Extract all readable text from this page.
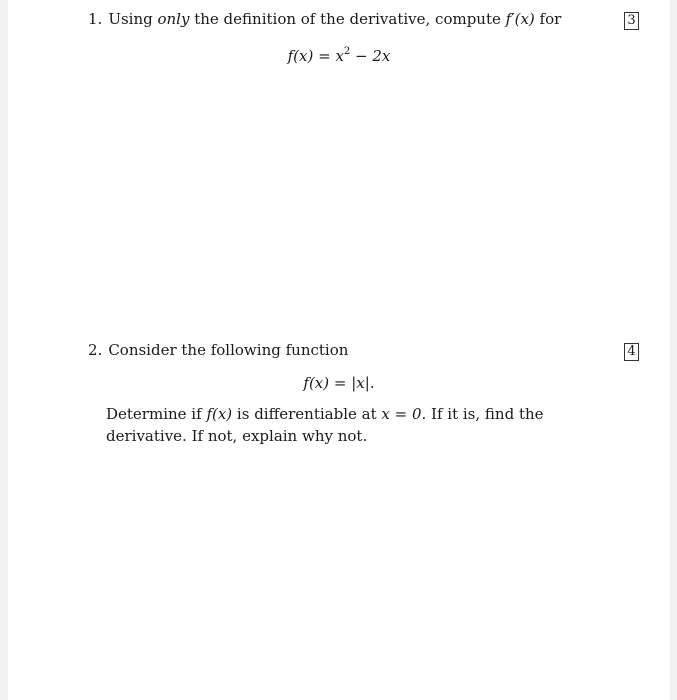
1. Using only the definition of the derivative, compute f′(x) for	3
$f(x) = x^2 - 2x$
2. Consider the following function	4
f(x) = |x|.
Determine if f(x) is differentiable at x = 0. If it is, find the derivative. If not, explain why not.
